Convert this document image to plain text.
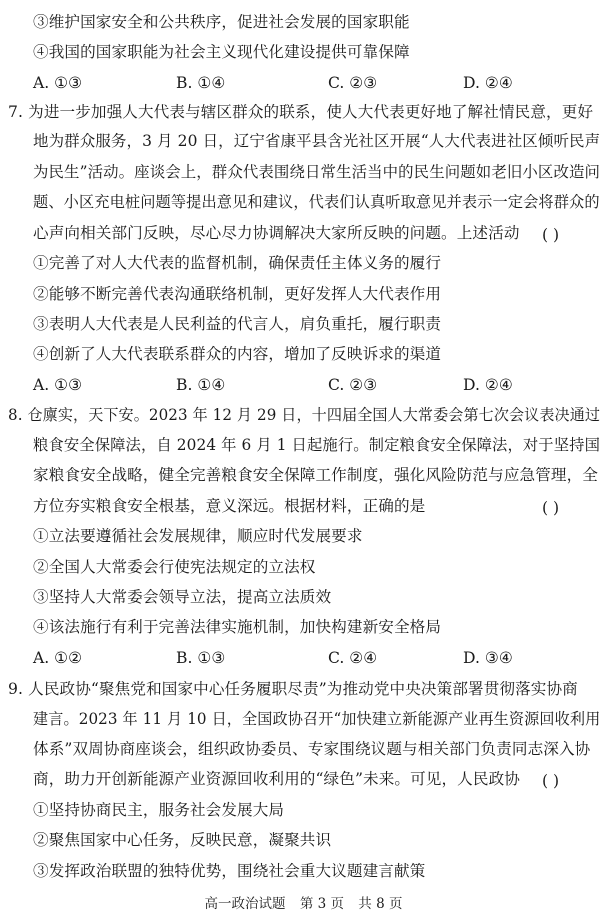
③维护国家安全和公共秩序，促进社会发展的国家职能
④我国的国家职能为社会主义现代化建设提供可靠保障
A. ①③	B. ①④	C. ②③	D. ②④
7. 为进一步加强人大代表与辖区群众的联系，使人大代表更好地了解社情民意，更好
地为群众服务，3 月 20 日，辽宁省康平县含光社区开展“人大代表进社区倾听民声
为民生”活动。座谈会上，群众代表围绕日常生活当中的民生问题如老旧小区改造问
题、小区充电桩问题等提出意见和建议，代表们认真听取意见并表示一定会将群众的
心声向相关部门反映，尽心尽力协调解决大家所反映的问题。上述活动 ( )
①完善了对人大代表的监督机制，确保责任主体义务的履行
②能够不断完善代表沟通联络机制，更好发挥人大代表作用
③表明人大代表是人民利益的代言人，肩负重托，履行职责
④创新了人大代表联系群众的内容，增加了反映诉求的渠道
A. ①③	B. ①④	C. ②③	D. ②④
8. 仓廪实，天下安。2023 年 12 月 29 日，十四届全国人大常委会第七次会议表决通过
粮食安全保障法，自 2024 年 6 月 1 日起施行。制定粮食安全保障法，对于坚持国
家粮食安全战略，健全完善粮食安全保障工作制度，强化风险防范与应急管理，全
方位夯实粮食安全根基，意义深远。根据材料，正确的是	( )
①立法要遵循社会发展规律，顺应时代发展要求
②全国人大常委会行使宪法规定的立法权
③坚持人大常委会领导立法，提高立法质效
④该法施行有利于完善法律实施机制，加快构建新安全格局
A. ①②	B. ①③	C. ②④	D. ③④
9. 人民政协“聚焦党和国家中心任务履职尽责”为推动党中央决策部署贯彻落实协商
建言。2023 年 11 月 10 日，全国政协召开“加快建立新能源产业再生资源回收利用
体系”双周协商座谈会，组织政协委员、专家围绕议题与相关部门负责同志深入协
商，助力开创新能源产业资源回收利用的“绿色”未来。可见，人民政协 ( )
①坚持协商民主，服务社会发展大局
②聚焦国家中心任务，反映民意，凝聚共识
③发挥政治联盟的独特优势，围绕社会重大议题建言献策
高一政治试题 第 3 页 共 8 页
